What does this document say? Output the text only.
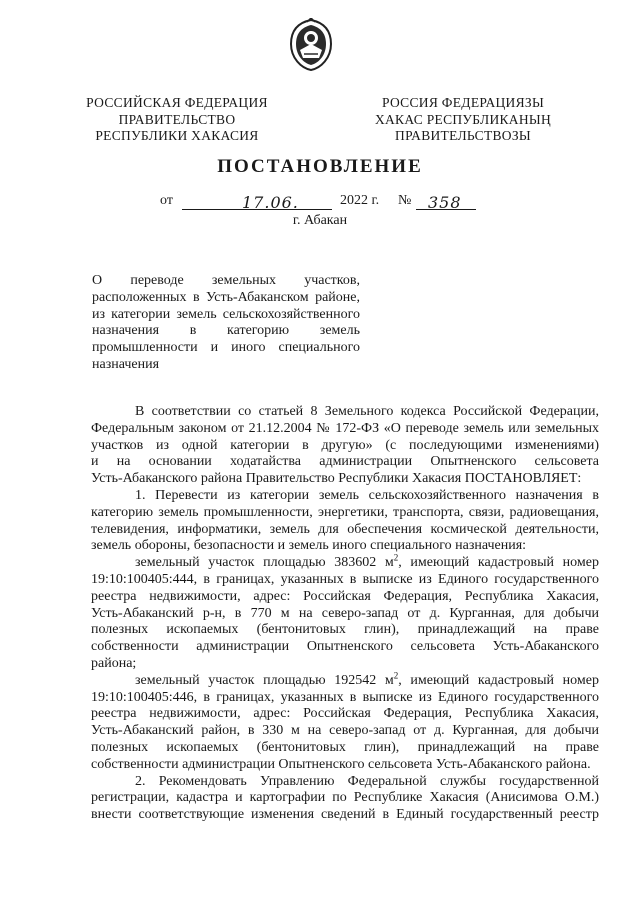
РОССИЙСКАЯ ФЕДЕРАЦИЯ
ПРАВИТЕЛЬСТВО
РЕСПУБЛИКИ ХАКАСИЯ
РОССИЯ ФЕДЕРАЦИЯЗЫ
ХАКАС РЕСПУБЛИКАНЫҢ
ПРАВИТЕЛЬСТВОЗЫ
ПОСТАНОВЛЕНИЕ
от	17.06.	2022 г. № 358
г. Абакан
О переводе земельных участков,
расположенных в Усть-Абаканском районе,
из категории земель сельскохозяйственного
назначения в категорию земель
промышленности и иного специального
назначения
В соответствии со статьей 8 Земельного кодекса Российской Федерации,
Федеральным законом от 21.12.2004 № 172-ФЗ «О переводе земель или земельных
участков из одной категории в другую» (с последующими изменениями)
и на основании ходатайства администрации Опытненского сельсовета
Усть-Абаканского района Правительство Республики Хакасия ПОСТАНОВЛЯЕТ:
1. Перевести из категории земель сельскохозяйственного назначения в
категорию земель промышленности, энергетики, транспорта, связи, радиовещания,
телевидения, информатики, земель для обеспечения космической деятельности,
земель обороны, безопасности и земель иного специального назначения:
земельный участок площадью 383602 $м^2$, имеющий кадастровый номер
19:10:100405:444, в границах, указанных в выписке из Единого государственного
реестра недвижимости, адрес: Российская Федерация, Республика Хакасия,
Усть-Абаканский р-н, в 770 м на северо-запад от д. Курганная, для добычи
полезных ископаемых (бентонитовых глин), принадлежащий на праве
собственности администрации Опытненского сельсовета Усть-Абаканского
района;
земельный участок площадью 192542 $м^2$, имеющий кадастровый номер
19:10:100405:446, в границах, указанных в выписке из Единого государственного
реестра недвижимости, адрес: Российская Федерация, Республика Хакасия,
Усть-Абаканский район, в 330 м на северо-запад от д. Курганная, для добычи
полезных ископаемых (бентонитовых глин), принадлежащий на праве
собственности администрации Опытненского сельсовета Усть-Абаканского района.
2. Рекомендовать Управлению Федеральной службы государственной
регистрации, кадастра и картографии по Республике Хакасия (Анисимова О.М.)
внести соответствующие изменения сведений в Единый государственный реестр
